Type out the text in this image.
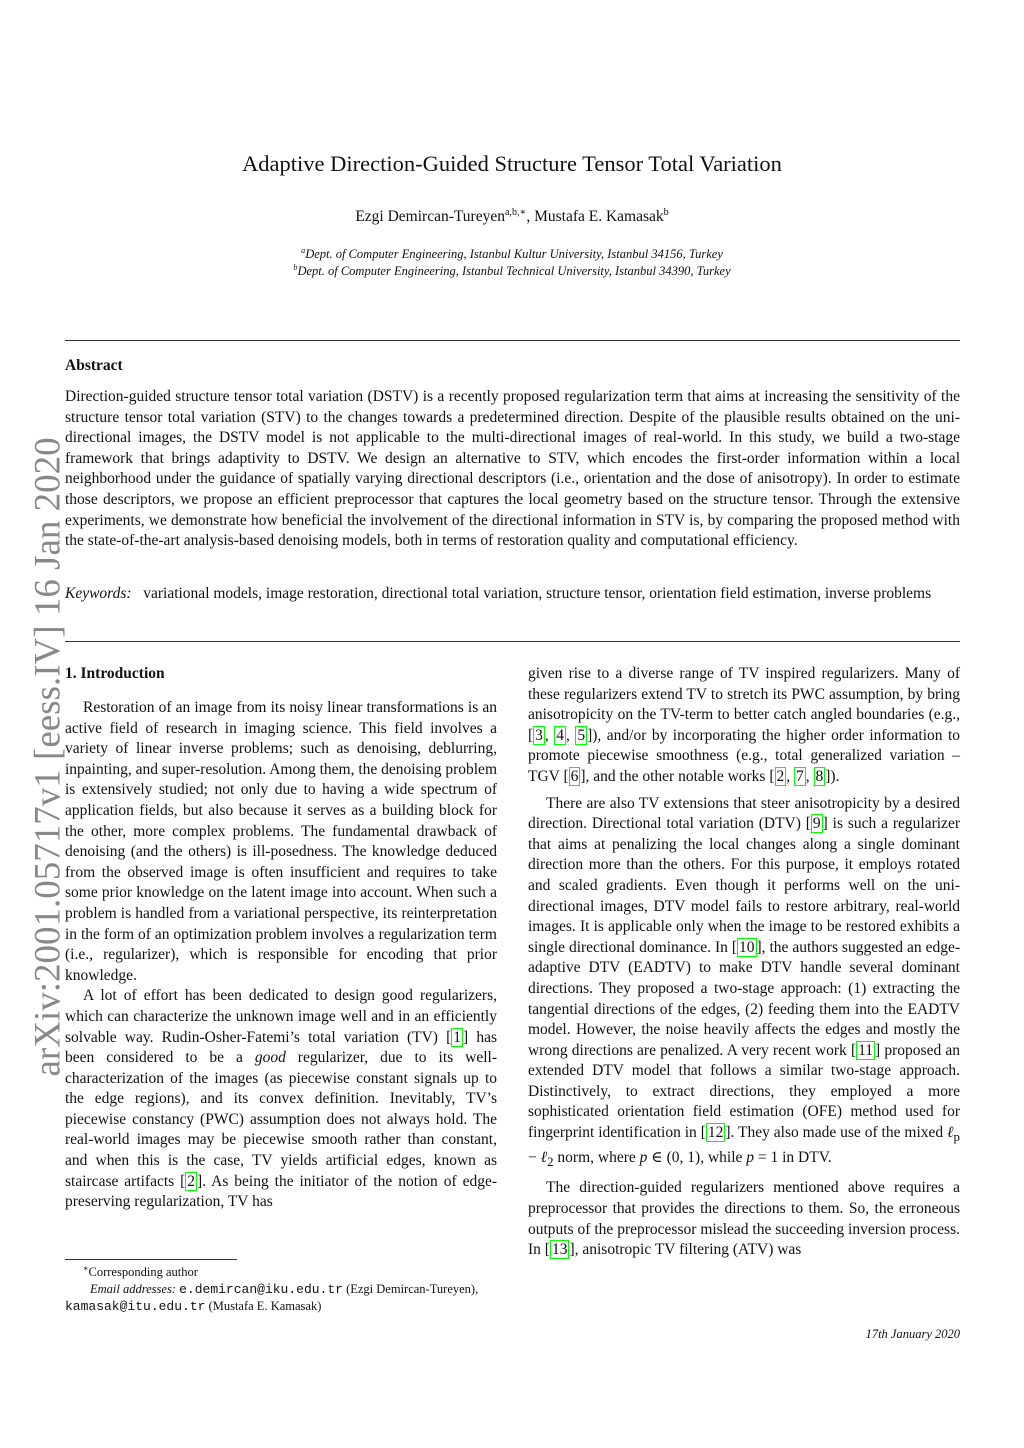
arXiv:2001.05717v1 [eess.IV] 16 Jan 2020
Adaptive Direction-Guided Structure Tensor Total Variation
Ezgi Demircan-Tureyen$^{a,b,∗}$, Mustafa E. Kamasak$^b$
$^a$Dept. of Computer Engineering, Istanbul Kultur University, Istanbul 34156, Turkey
$^b$Dept. of Computer Engineering, Istanbul Technical University, Istanbul 34390, Turkey
Abstract

Direction-guided structure tensor total variation (DSTV) is a recently proposed regularization term that aims at increasing the sensitivity of the structure tensor total variation (STV) to the changes towards a predetermined direction. Despite of the plausible results obtained on the uni-directional images, the DSTV model is not applicable to the multi-directional images of real-world. In this study, we build a two-stage framework that brings adaptivity to DSTV. We design an alternative to STV, which encodes the first-order information within a local neighborhood under the guidance of spatially varying directional descriptors (i.e., orientation and the dose of anisotropy). In order to estimate those descriptors, we propose an efficient preprocessor that captures the local geometry based on the structure tensor. Through the extensive experiments, we demonstrate how beneficial the involvement of the directional information in STV is, by comparing the proposed method with the state-of-the-art analysis-based denoising models, both in terms of restoration quality and computational efficiency.

Keywords: variational models, image restoration, directional total variation, structure tensor, orientation field estimation, inverse problems

1. Introduction

Restoration of an image from its noisy linear transformations is an active field of research in imaging science. This field involves a variety of linear inverse problems; such as denoising, deblurring, inpainting, and super-resolution. Among them, the denoising problem is extensively studied; not only due to having a wide spectrum of application fields, but also because it serves as a building block for the other, more complex problems. The fundamental drawback of denoising (and the others) is ill-posedness. The knowledge deduced from the observed image is often insufficient and requires to take some prior knowledge on the latent image into account. When such a problem is handled from a variational perspective, its reinterpretation in the form of an optimization problem involves a regularization term (i.e., regularizer), which is responsible for encoding that prior knowledge.

A lot of effort has been dedicated to design good regularizers, which can characterize the unknown image well and in an efficiently solvable way. Rudin-Osher-Fatemi’s total variation (TV) [ 1 ] has been considered to be a good regularizer, due to its well-characterization of the images (as piecewise constant signals up to the edge regions), and its convex definition. Inevitably, TV’s piecewise constancy (PWC) assumption does not always hold. The real-world images may be piecewise smooth rather than constant, and when this is the case, TV yields artificial edges, known as staircase artifacts [ 2 ]. As being the initiator of the notion of edge-preserving regularization, TV has

given rise to a diverse range of TV inspired regularizers. Many of these regularizers extend TV to stretch its PWC assumption, by bring anisotropicity on the TV-term to better catch angled boundaries (e.g., [ 3 , 4 , 5 ]), and/or by incorporating the higher order information to promote piecewise smoothness (e.g., total generalized variation – TGV [ 6 ], and the other notable works [ 2 , 7 , 8 ]).

There are also TV extensions that steer anisotropicity by a desired direction. Directional total variation (DTV) [ 9 ] is such a regularizer that aims at penalizing the local changes along a single dominant direction more than the others. For this purpose, it employs rotated and scaled gradients. Even though it performs well on the uni-directional images, DTV model fails to restore arbitrary, real-world images. It is applicable only when the image to be restored exhibits a single directional dominance. In [ 10 ], the authors suggested an edge-adaptive DTV (EADTV) to make DTV handle several dominant directions. They proposed a two-stage approach: (1) extracting the tangential directions of the edges, (2) feeding them into the EADTV model. However, the noise heavily affects the edges and mostly the wrong directions are penalized. A very recent work [ 11 ] proposed an extended DTV model that follows a similar two-stage approach. Distinctively, to extract directions, they employed a more sophisticated orientation field estimation (OFE) method used for fingerprint identification in [ 12 ]. They also made use of the mixed ℓ$_p$ − ℓ$_2$ norm, where p ∈ (0, 1), while p = 1 in DTV.

The direction-guided regularizers mentioned above requires a preprocessor that provides the directions to them. So, the erroneous outputs of the preprocessor mislead the succeeding inversion process. In [ 13 ], anisotropic TV filtering (ATV) was

∗Corresponding author
Email addresses: e.demircan@iku.edu.tr (Ezgi Demircan-Tureyen),
kamasak@itu.edu.tr (Mustafa E. Kamasak)
17th January 2020
